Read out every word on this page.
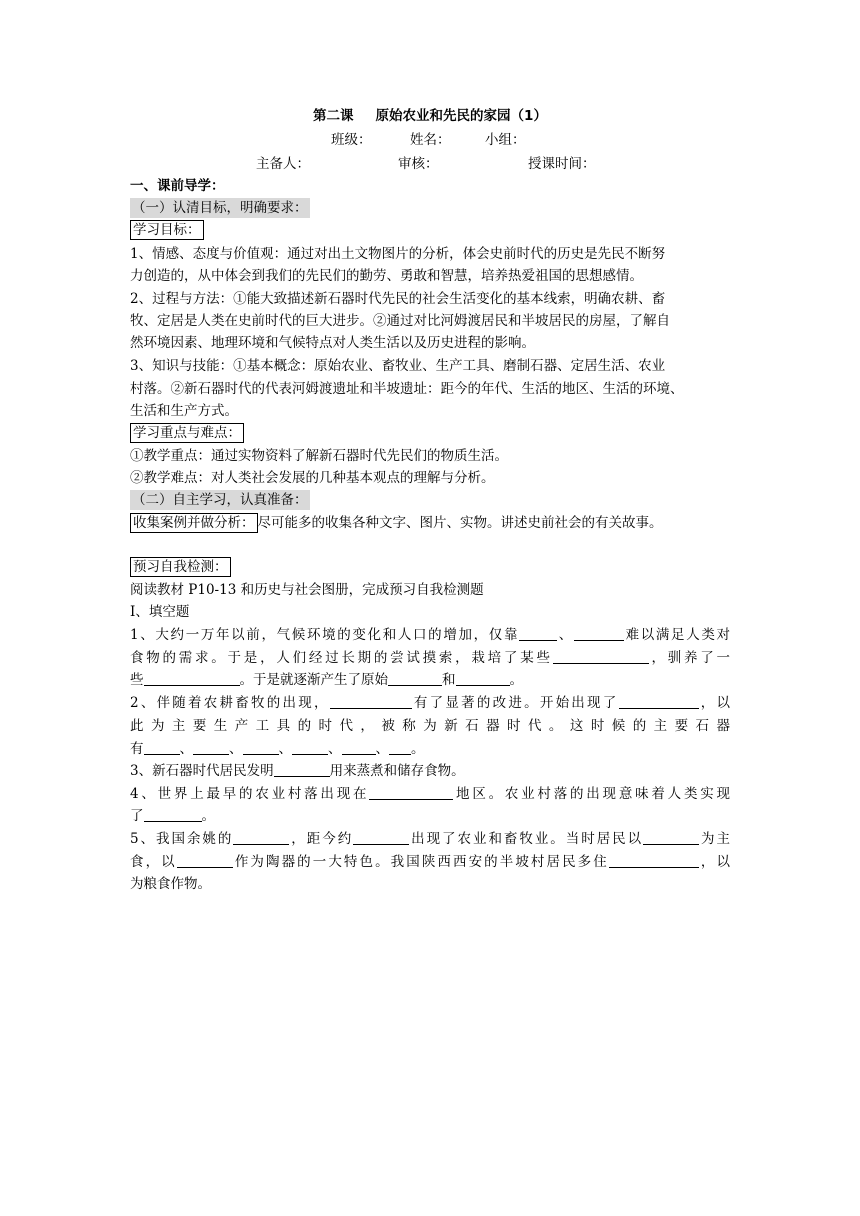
第二课 原始农业和先民的家园（1）
班级：	姓名：	小组：
主备人：	审核：	授课时间：
一、课前导学：
（一）认清目标，明确要求：
学习目标：
1、情感、态度与价值观：通过对出土文物图片的分析，体会史前时代的历史是先民不断努
力创造的，从中体会到我们的先民们的勤劳、勇敢和智慧，培养热爱祖国的思想感情。
2、过程与方法：①能大致描述新石器时代先民的社会生活变化的基本线索，明确农耕、畜
牧、定居是人类在史前时代的巨大进步。②通过对比河姆渡居民和半坡居民的房屋，了解自
然环境因素、地理环境和气候特点对人类生活以及历史进程的影响。
3、知识与技能：①基本概念：原始农业、畜牧业、生产工具、磨制石器、定居生活、农业
村落。②新石器时代的代表河姆渡遗址和半坡遗址：距今的年代、生活的地区、生活的环境、
生活和生产方式。
学习重点与难点：
①教学重点：通过实物资料了解新石器时代先民们的物质生活。
②教学难点：对人类社会发展的几种基本观点的理解与分析。
（二）自主学习，认真准备：
收集案例并做分析： 尽可能多的收集各种文字、图片、实物。讲述史前社会的有关故事。
预习自我检测：
阅读教材 P10-13 和历史与社会图册，完成预习自我检测题
Ⅰ、填空题
1、大约一万年以前，气候环境的变化和人口的增加，仅靠	、	难以满足人类对
食物的需求。于是，人们经过长期的尝试摸索，栽培了某些	，驯养了一
些	。于是就逐渐产生了原始	和	。
2、伴随着农耕畜牧的出现，	有了显著的改进。开始出现了	，以
此为主要生产工具的时代，被称为新石器时代。这时候的主要石器
有	、	、	、	、	、 。
3、新石器时代居民发明	用来蒸煮和储存食物。
4、世界上最早的农业村落出现在	地区。农业村落的出现意味着人类实现
了	。
5、我国余姚的	，距今约	出现了农业和畜牧业。当时居民以	为主
食，以	作为陶器的一大特色。我国陕西西安的半坡村居民多住	，以
为粮食作物。
